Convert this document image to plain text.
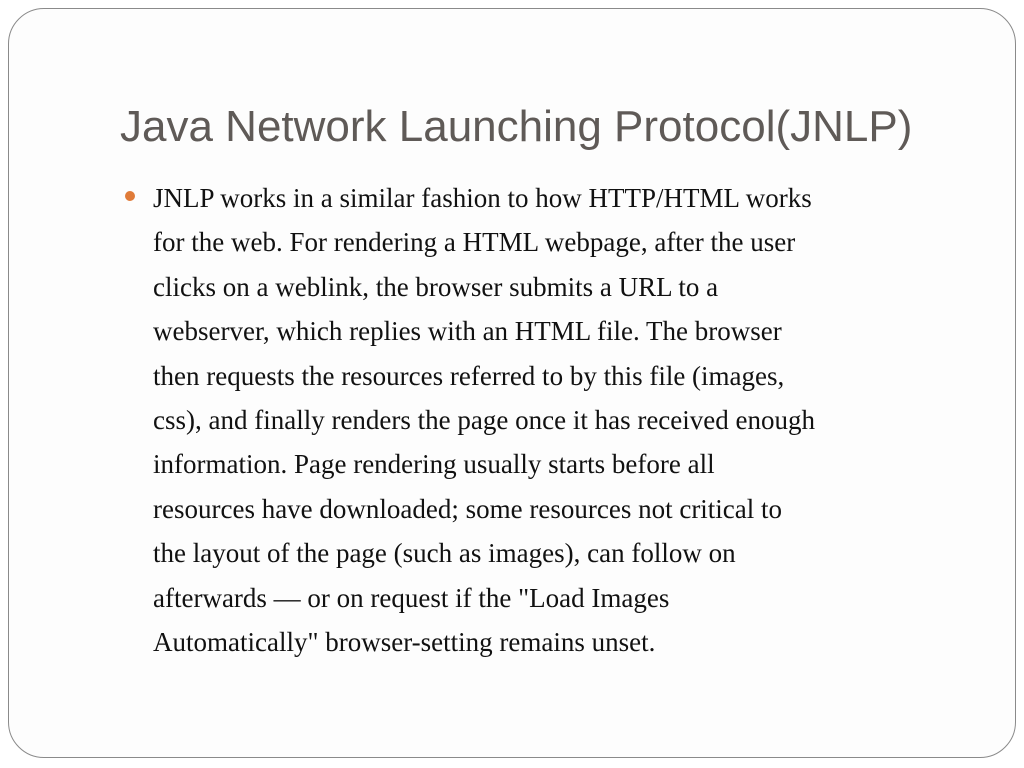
Java Network Launching Protocol(JNLP)

JNLP works in a similar fashion to how HTTP/HTML works
for the web. For rendering a HTML webpage, after the user
clicks on a weblink, the browser submits a URL to a
webserver, which replies with an HTML file. The browser
then requests the resources referred to by this file (images,
css), and finally renders the page once it has received enough
information. Page rendering usually starts before all
resources have downloaded; some resources not critical to
the layout of the page (such as images), can follow on
afterwards — or on request if the "Load Images
Automatically" browser-setting remains unset.
